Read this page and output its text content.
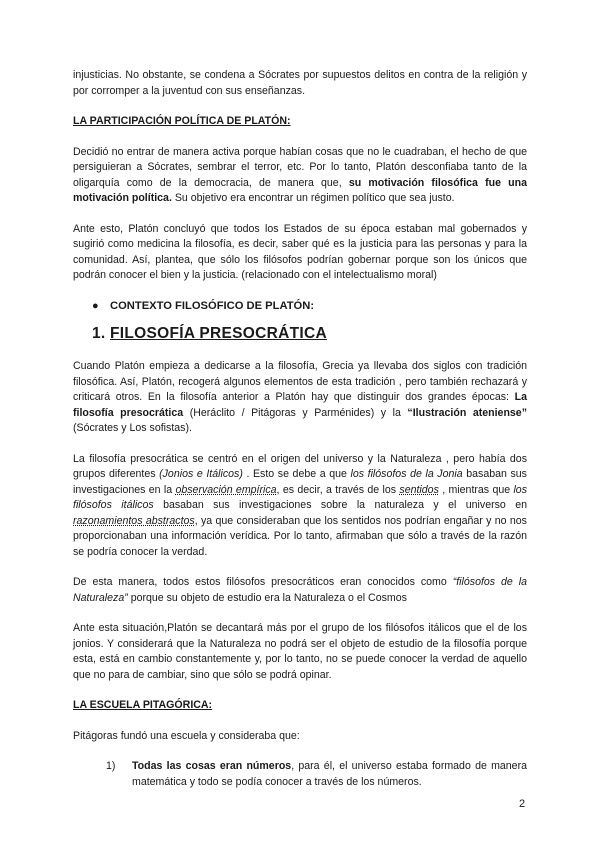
injusticias. No obstante, se condena a Sócrates por supuestos delitos en contra de la religión y por corromper a la juventud con sus enseñanzas.

LA PARTICIPACIÓN POLÍTICA DE PLATÓN:

Decidió no entrar de manera activa porque habían cosas que no le cuadraban, el hecho de que persiguieran a Sócrates, sembrar el terror, etc. Por lo tanto, Platón desconfiaba tanto de la oligarquía como de la democracia, de manera que, su motivación filosófica fue una motivación política. Su objetivo era encontrar un régimen político que sea justo.

Ante esto, Platón concluyó que todos los Estados de su época estaban mal gobernados y sugirió como medicina la filosofía, es decir, saber qué es la justicia para las personas y para la comunidad. Así, plantea, que sólo los filósofos podrían gobernar porque son los únicos que podrán conocer el bien y la justicia. (relacionado con el intelectualismo moral)

●	CONTEXTO FILOSÓFICO DE PLATÓN:
1. FILOSOFÍA PRESOCRÁTICA

Cuando Platón empieza a dedicarse a la filosofía, Grecia ya llevaba dos siglos con tradición filosófica. Así, Platón, recogerá algunos elementos de esta tradición , pero también rechazará y criticará otros. En la filosofía anterior a Platón hay que distinguir dos grandes épocas: La filosofía presocrática (Heráclito / Pitágoras y Parménides) y la “Ilustración ateniense” (Sócrates y Los sofistas).

La filosofía presocrática se centró en el origen del universo y la Naturaleza , pero había dos grupos diferentes (Jonios e Itálicos) . Esto se debe a que los filósofos de la Jonia basaban sus investigaciones en la observación empírica, es decir, a través de los sentidos , mientras que los filósofos itálicos basaban sus investigaciones sobre la naturaleza y el universo en razonamientos abstractos, ya que consideraban que los sentidos nos podrían engañar y no nos proporcionaban una información verídica. Por lo tanto, afirmaban que sólo a través de la razón se podría conocer la verdad.

De esta manera, todos estos filósofos presocráticos eran conocidos como “filósofos de la Naturaleza” porque su objeto de estudio era la Naturaleza o el Cosmos

Ante esta situación,Platón se decantará más por el grupo de los filósofos itálicos que el de los jonios. Y considerará que la Naturaleza no podrá ser el objeto de estudio de la filosofía porque esta, está en cambio constantemente y, por lo tanto, no se puede conocer la verdad de aquello que no para de cambiar, sino que sólo se podrá opinar.

LA ESCUELA PITAGÓRICA:

Pitágoras fundó una escuela y consideraba que:

1)	Todas las cosas eran números, para él, el universo estaba formado de manera matemática y todo se podía conocer a través de los números.
2
